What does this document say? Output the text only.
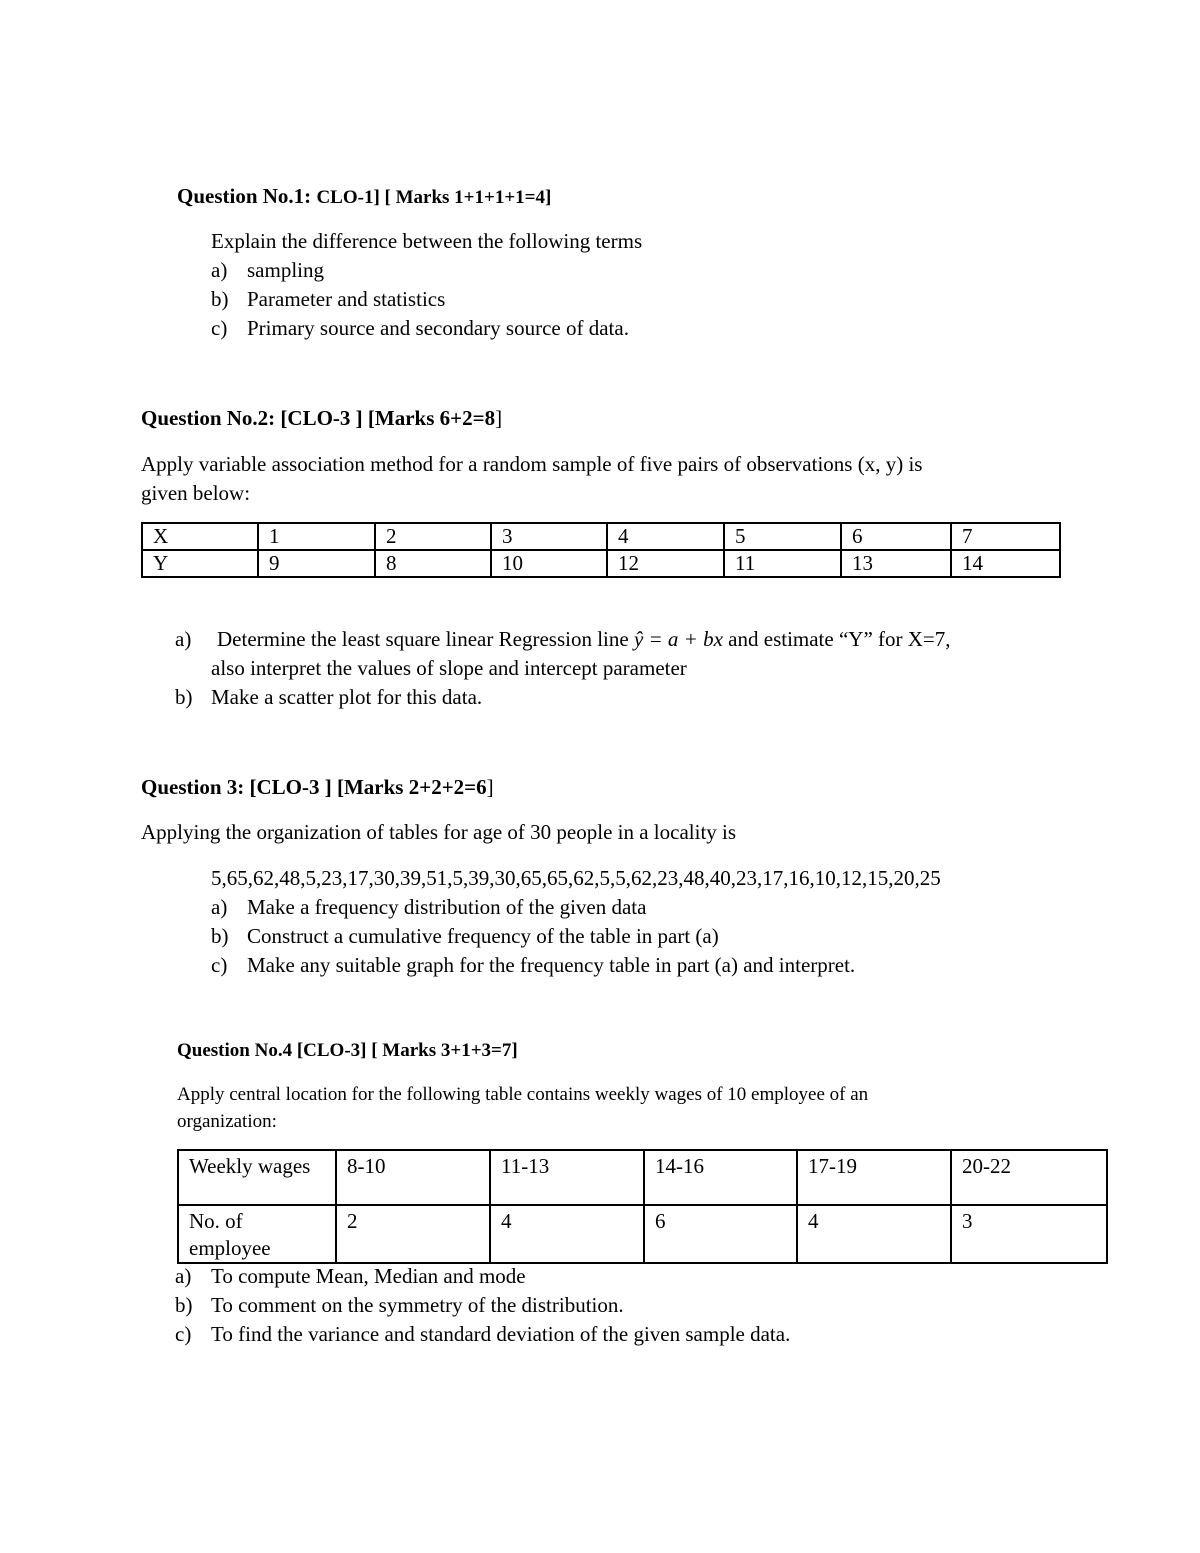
Question No.1: CLO-1] [ Marks 1+1+1+1=4]
Explain the difference between the following terms
a) sampling
b) Parameter and statistics
c) Primary source and secondary source of data.
Question No.2: [CLO-3 ] [Marks 6+2=8]
Apply variable association method for a random sample of five pairs of observations (x, y) is
given below:
X	1	2	3	4	5	6	7
Y	9	8	10	12	11	13	14
a) Determine the least square linear Regression line ŷ = a + bx and estimate “Y” for X=7,
also interpret the values of slope and intercept parameter
b) Make a scatter plot for this data.
Question 3: [CLO-3 ] [Marks 2+2+2=6]
Applying the organization of tables for age of 30 people in a locality is
5,65,62,48,5,23,17,30,39,51,5,39,30,65,65,62,5,5,62,23,48,40,23,17,16,10,12,15,20,25
a) Make a frequency distribution of the given data
b) Construct a cumulative frequency of the table in part (a)
c) Make any suitable graph for the frequency table in part (a) and interpret.
Question No.4 [CLO-3] [ Marks 3+1+3=7]
Apply central location for the following table contains weekly wages of 10 employee of an
organization:
Weekly wages	8-10	11-13	14-16	17-19	20-22
No. of employee	2	4	6	4	3
a) To compute Mean, Median and mode
b) To comment on the symmetry of the distribution.
c) To find the variance and standard deviation of the given sample data.
